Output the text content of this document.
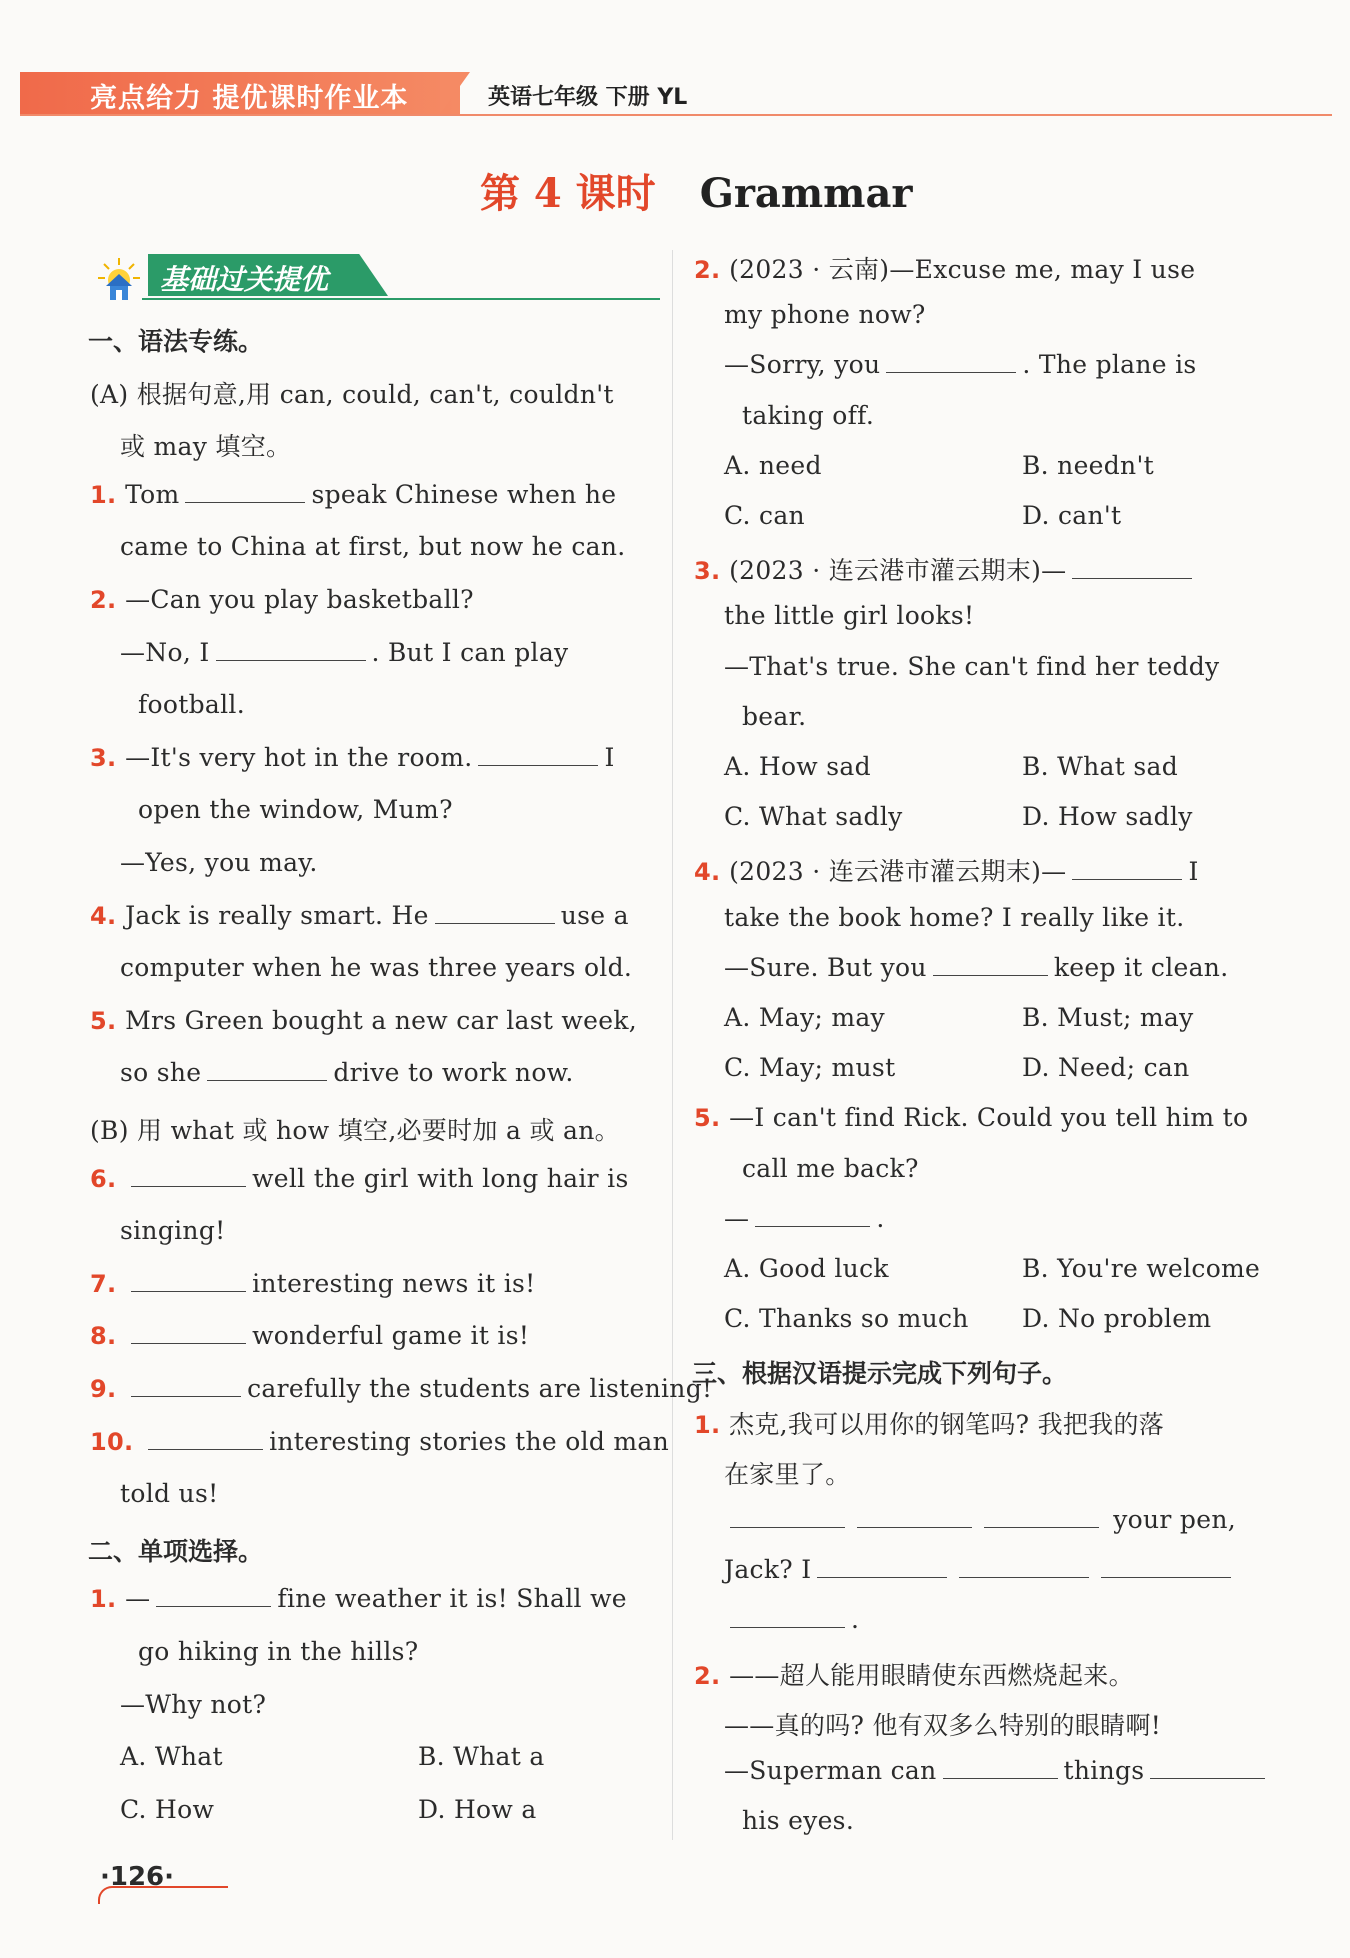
亮点给力 提优课时作业本	英语七年级 下册 YL
第 4 课时 Grammar
基础过关提优
一、语法专练。
(A) 根据句意,用 can, could, can't, couldn't
或 may 填空。
1. Tom	speak Chinese when he
came to China at first, but now he can.
2. —Can you play basketball?
—No, I	. But I can play
football.
3. —It's very hot in the room.	I
open the window, Mum?
—Yes, you may.
4. Jack is really smart. He	use a
computer when he was three years old.
5. Mrs Green bought a new car last week,
so she	drive to work now.
(B) 用 what 或 how 填空,必要时加 a 或 an。
6.	well the girl with long hair is
singing!
7.	interesting news it is!
8.	wonderful game it is!
9.	carefully the students are listening!
10.	interesting stories the old man
told us!
二、单项选择。
1. —	fine weather it is! Shall we
go hiking in the hills?
—Why not?
A. What	B. What a
C. How	D. How a
2. (2023 · 云南)—Excuse me, may I use
my phone now?
—Sorry, you	. The plane is
taking off.
A. need	B. needn't
C. can	D. can't
3. (2023 · 连云港市灌云期末)—
the little girl looks!
—That's true. She can't find her teddy
bear.
A. How sad	B. What sad
C. What sadly	D. How sadly
4. (2023 · 连云港市灌云期末)—	I
take the book home? I really like it.
—Sure. But you	keep it clean.
A. May; may	B. Must; may
C. May; must	D. Need; can
5. —I can't find Rick. Could you tell him to
call me back?
—	.
A. Good luck	B. You're welcome
C. Thanks so much D. No problem
三、根据汉语提示完成下列句子。
1. 杰克,我可以用你的钢笔吗? 我把我的落
在家里了。
your pen,
Jack? I
.
2. ——超人能用眼睛使东西燃烧起来。
——真的吗? 他有双多么特别的眼睛啊!
—Superman can	things
his eyes.
·126·
